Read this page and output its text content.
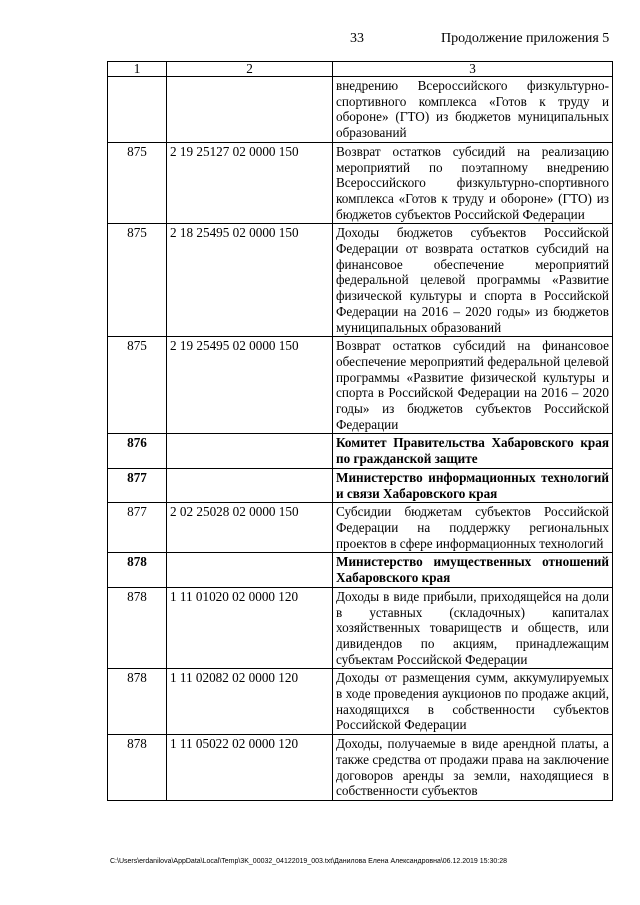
33	Продолжение приложения 5
1	2	3
		внедрению Всероссийского физкультурно-спортивного комплекса «Готов к труду и обороне» (ГТО) из бюджетов муниципальных образований
875	2 19 25127 02 0000 150	Возврат остатков субсидий на реализацию мероприятий по поэтапному внедрению Всероссийского физкультурно-спортивного комплекса «Готов к труду и обороне» (ГТО) из бюджетов субъектов Российской Федерации
875	2 18 25495 02 0000 150	Доходы бюджетов субъектов Российской Федерации от возврата остатков субсидий на финансовое обеспечение мероприятий федеральной целевой программы «Развитие физической культуры и спорта в Российской Федерации на 2016 – 2020 годы» из бюджетов муниципальных образований
875	2 19 25495 02 0000 150	Возврат остатков субсидий на финансовое обеспечение мероприятий федеральной целевой программы «Развитие физической культуры и спорта в Российской Федерации на 2016 – 2020 годы» из бюджетов субъектов Российской Федерации
876		Комитет Правительства Хабаровского края по гражданской защите
877		Министерство информационных технологий и связи Хабаровского края
877	2 02 25028 02 0000 150	Субсидии бюджетам субъектов Российской Федерации на поддержку региональных проектов в сфере информационных технологий
878		Министерство имущественных отношений Хабаровского края
878	1 11 01020 02 0000 120	Доходы в виде прибыли, приходящейся на доли в уставных (складочных) капиталах хозяйственных товариществ и обществ, или дивидендов по акциям, принадлежащим субъектам Российской Федерации
878	1 11 02082 02 0000 120	Доходы от размещения сумм, аккумулируемых в ходе проведения аукционов по продаже акций, находящихся в собственности субъектов Российской Федерации
878	1 11 05022 02 0000 120	Доходы, получаемые в виде арендной платы, а также средства от продажи права на заключение договоров аренды за земли, находящиеся в собственности субъектов
C:\Users\erdanilova\AppData\Local\Temp\3K_00032_04122019_003.txt\Данилова Елена Александровна\06.12.2019 15:30:28
